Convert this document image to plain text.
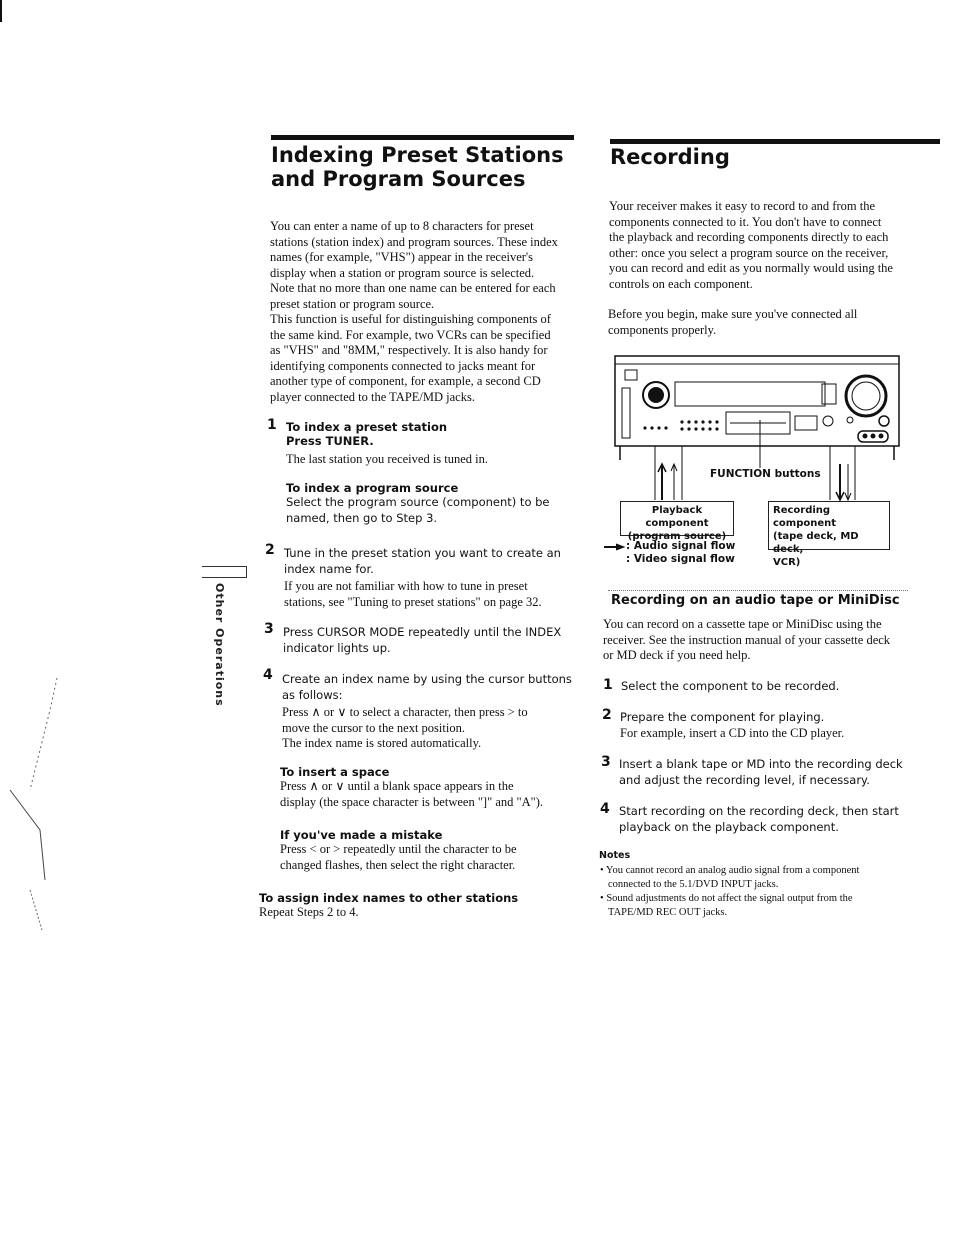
Indexing Preset Stations
and Program Sources
You can enter a name of up to 8 characters for preset
stations (station index) and program sources. These index
names (for example, "VHS") appear in the receiver's
display when a station or program source is selected.
Note that no more than one name can be entered for each
preset station or program source.
This function is useful for distinguishing components of
the same kind. For example, two VCRs can be specified
as "VHS" and "8MM," respectively. It is also handy for
identifying components connected to jacks meant for
another type of component, for example, a second CD
player connected to the TAPE/MD jacks.
1 To index a preset station
Press TUNER.
The last station you received is tuned in.
To index a program source
Select the program source (component) to be
named, then go to Step 3.
2 Tune in the preset station you want to create an
index name for.
If you are not familiar with how to tune in preset
stations, see "Tuning to preset stations" on page 32.
3 Press CURSOR MODE repeatedly until the INDEX
indicator lights up.
4 Create an index name by using the cursor buttons
as follows:
Press ∧ or ∨ to select a character, then press > to
move the cursor to the next position.
The index name is stored automatically.
To insert a space
Press ∧ or ∨ until a blank space appears in the
display (the space character is between "]" and "A").
If you've made a mistake
Press < or > repeatedly until the character to be
changed flashes, then select the right character.
To assign index names to other stations
Repeat Steps 2 to 4.
Other Operations
Recording
Your receiver makes it easy to record to and from the
components connected to it. You don't have to connect
the playback and recording components directly to each
other: once you select a program source on the receiver,
you can record and edit as you normally would using the
controls on each component.
Before you begin, make sure you've connected all
components properly.
FUNCTION buttons
Playback component
(program source)
Recording component
(tape deck, MD deck,
VCR)
: Audio signal flow
: Video signal flow
Recording on an audio tape or MiniDisc
You can record on a cassette tape or MiniDisc using the
receiver. See the instruction manual of your cassette deck
or MD deck if you need help.
1 Select the component to be recorded.
2 Prepare the component for playing.
For example, insert a CD into the CD player.
3 Insert a blank tape or MD into the recording deck
and adjust the recording level, if necessary.
4 Start recording on the recording deck, then start
playback on the playback component.
Notes
• You cannot record an analog audio signal from a component
connected to the 5.1/DVD INPUT jacks.
• Sound adjustments do not affect the signal output from the
TAPE/MD REC OUT jacks.
